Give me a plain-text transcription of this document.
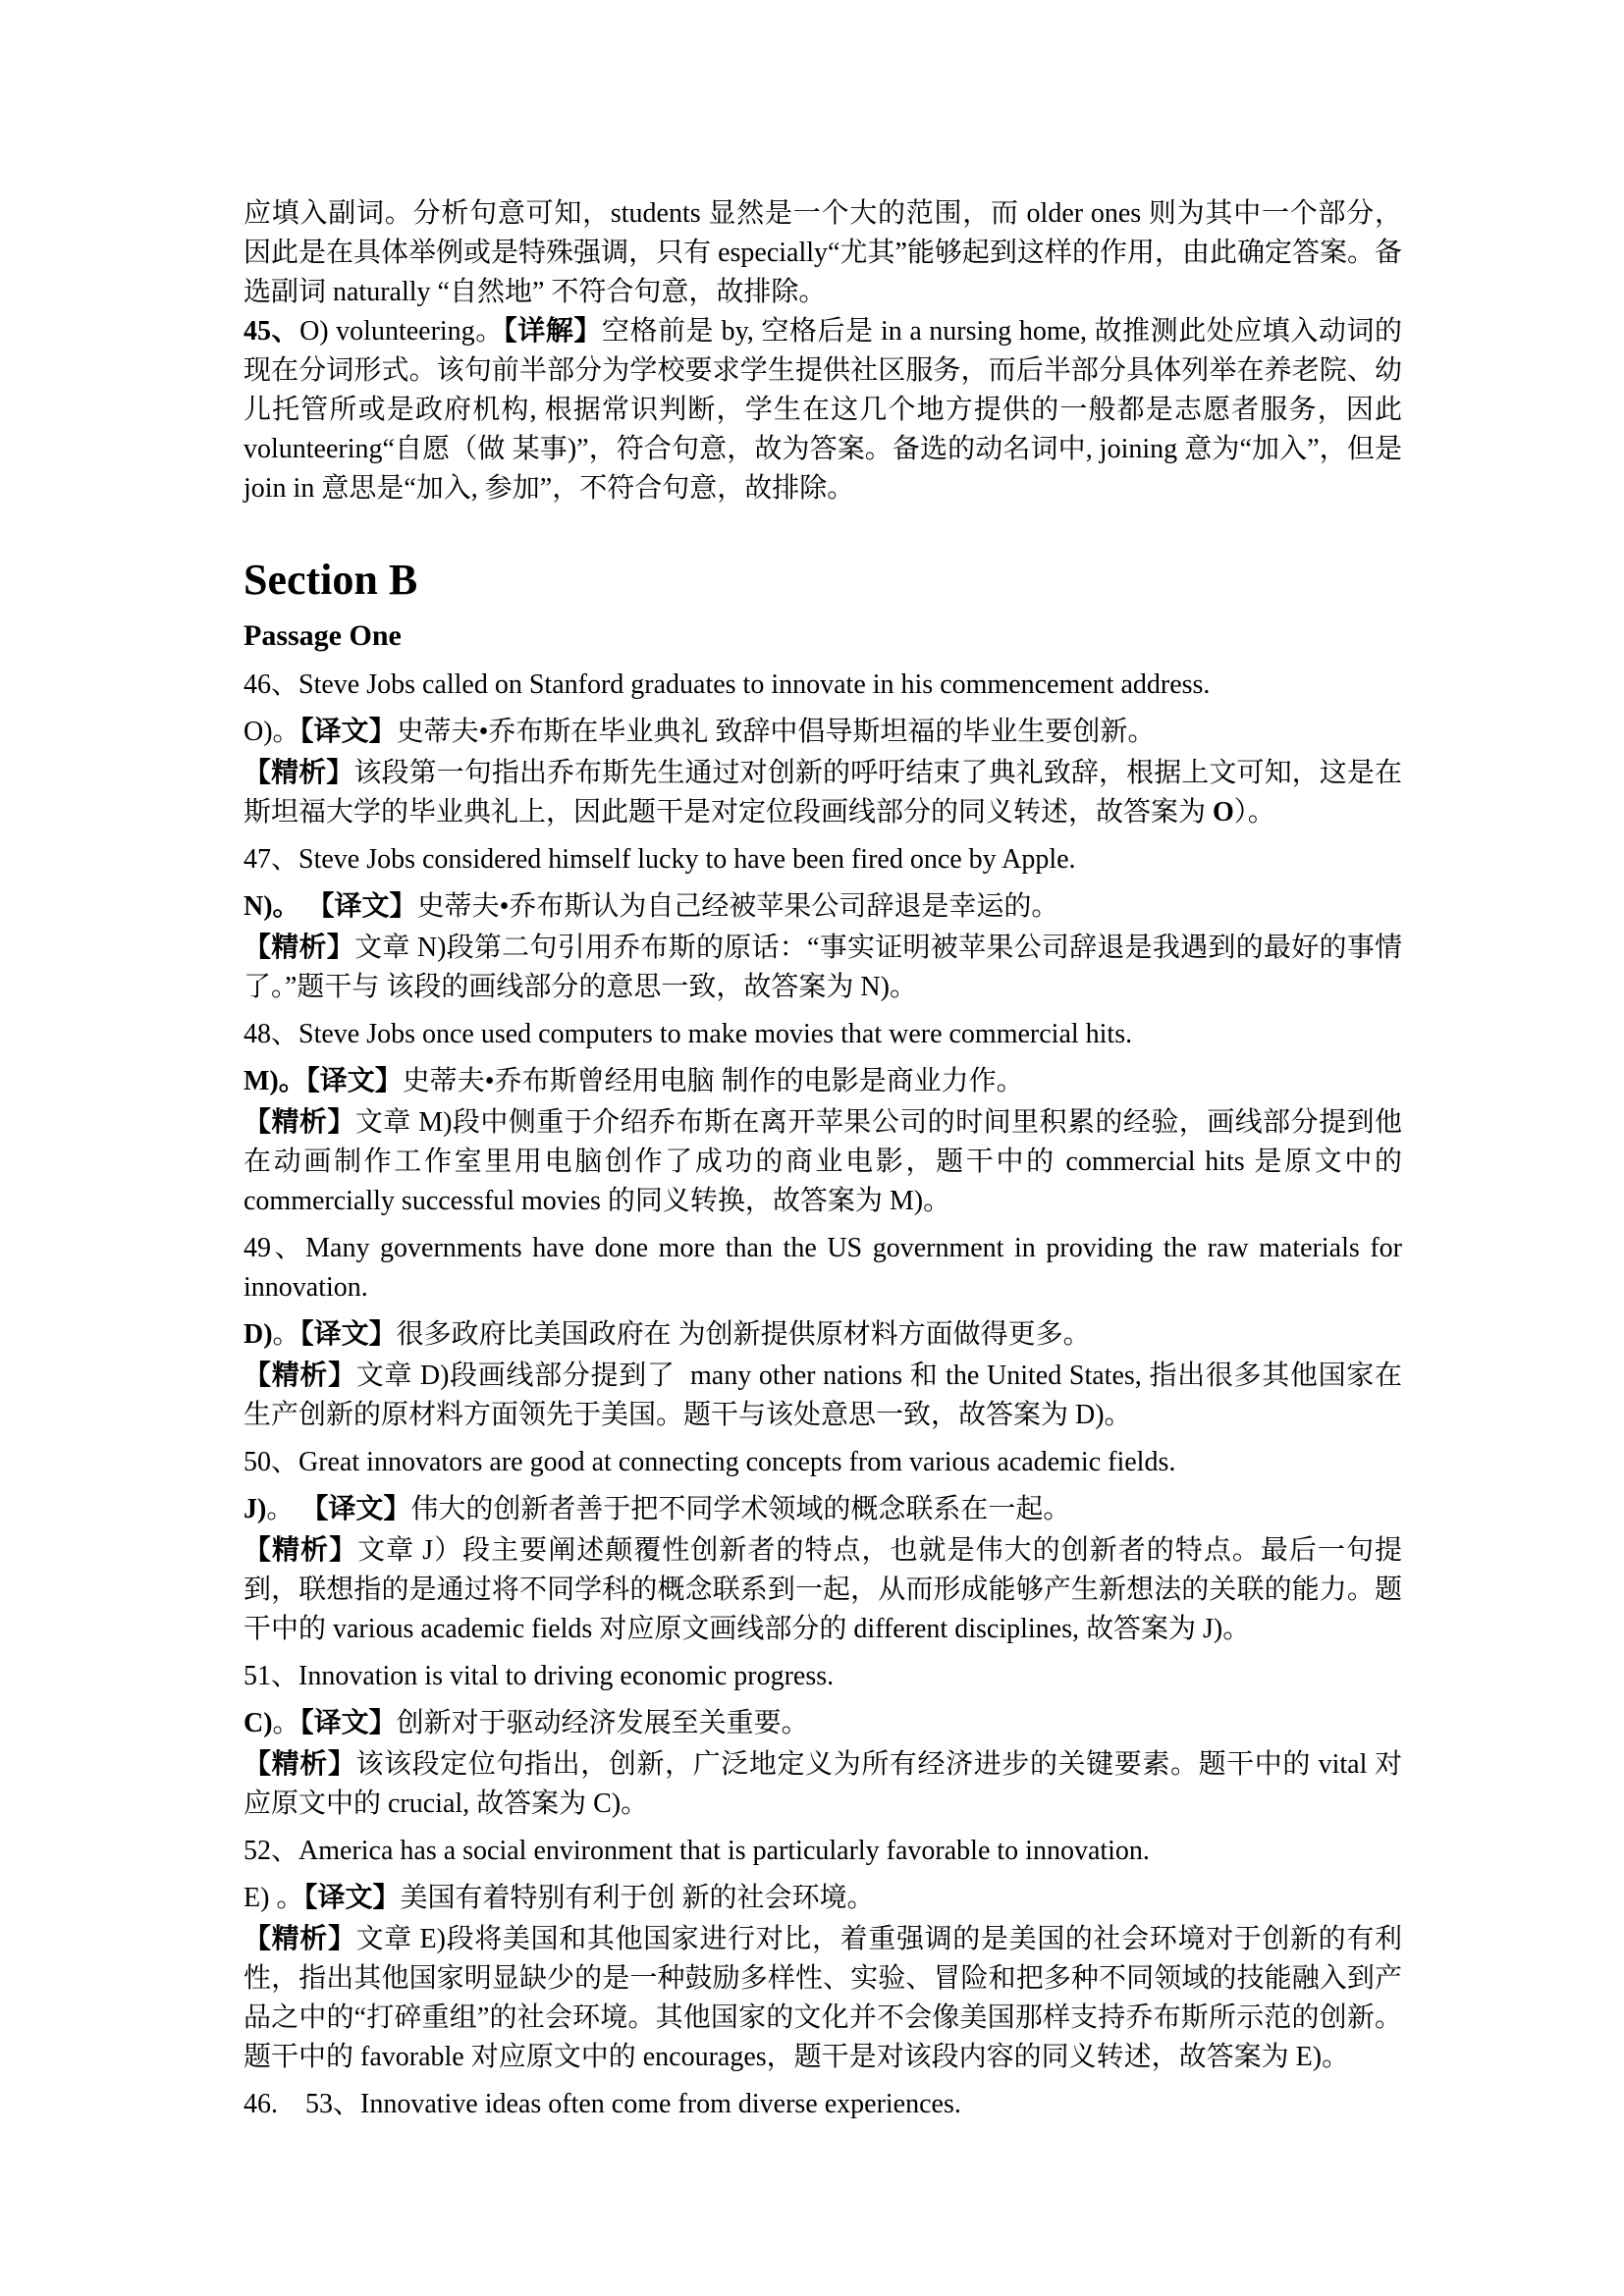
应填入副词。分析句意可知，students 显然是一个大的范围，而 older ones 则为其中一个部分，因此是在具体举例或是特殊强调，只有 especially“尤其”能够起到这样的作用，由此确定答案。备选副词 naturally “自然地” 不符合句意，故排除。

45、O) volunteering。【详解】空格前是 by, 空格后是 in a nursing home, 故推测此处应填入动词的现在分词形式。该句前半部分为学校要求学生提供社区服务，而后半部分具体列举在养老院、幼儿托管所或是政府机构, 根据常识判断，学生在这几个地方提供的一般都是志愿者服务，因此 volunteering“自愿（做 某事)”，符合句意，故为答案。备选的动名词中, joining 意为“加入”，但是 join in 意思是“加入, 参加”，不符合句意，故排除。

Section B
Passage One

46、Steve Jobs called on Stanford graduates to innovate in his commencement address.

O)。【译文】史蒂夫•乔布斯在毕业典礼 致辞中倡导斯坦福的毕业生要创新。

【精析】该段第一句指出乔布斯先生通过对创新的呼吁结束了典礼致辞，根据上文可知，这是在斯坦福大学的毕业典礼上，因此题干是对定位段画线部分的同义转述，故答案为 O）。

47、Steve Jobs considered himself lucky to have been fired once by Apple.

N)。 【译文】史蒂夫•乔布斯认为自己经被苹果公司辞退是幸运的。

【精析】文章 N)段第二句引用乔布斯的原话：“事实证明被苹果公司辞退是我遇到的最好的事情了。”题干与 该段的画线部分的意思一致，故答案为 N)。

48、Steve Jobs once used computers to make movies that were commercial hits.

M)。【译文】史蒂夫•乔布斯曾经用电脑 制作的电影是商业力作。

【精析】文章 M)段中侧重于介绍乔布斯在离开苹果公司的时间里积累的经验，画线部分提到他在动画制作工作室里用电脑创作了成功的商业电影，题干中的 commercial hits 是原文中的 commercially successful movies 的同义转换，故答案为 M)。

49、Many governments have done more than the US government in providing the raw materials for innovation.

D)。【译文】很多政府比美国政府在 为创新提供原材料方面做得更多。

【精析】文章 D)段画线部分提到了  many other nations 和 the United States, 指出很多其他国家在生产创新的原材料方面领先于美国。题干与该处意思一致，故答案为 D)。

50、Great innovators are good at connecting concepts from various academic fields.

J)。 【译文】伟大的创新者善于把不同学术领域的概念联系在一起。

【精析】文章 J）段主要阐述颠覆性创新者的特点，也就是伟大的创新者的特点。最后一句提到，联想指的是通过将不同学科的概念联系到一起，从而形成能够产生新想法的关联的能力。题干中的 various academic fields 对应原文画线部分的 different disciplines, 故答案为 J)。

51、Innovation is vital to driving economic progress.

C)。【译文】创新对于驱动经济发展至关重要。

【精析】该该段定位句指出，创新，广泛地定义为所有经济进步的关键要素。题干中的 vital 对应原文中的 crucial, 故答案为 C)。

52、America has a social environment that is particularly favorable to innovation.

E) 。【译文】美国有着特别有利于创 新的社会环境。

【精析】文章 E)段将美国和其他国家进行对比，着重强调的是美国的社会环境对于创新的有利性，指出其他国家明显缺少的是一种鼓励多样性、实验、冒险和把多种不同领域的技能融入到产品之中的“打碎重组”的社会环境。其他国家的文化并不会像美国那样支持乔布斯所示范的创新。题干中的 favorable 对应原文中的 encourages，题干是对该段内容的同义转述，故答案为 E)。

46.    53、Innovative ideas often come from diverse experiences.
